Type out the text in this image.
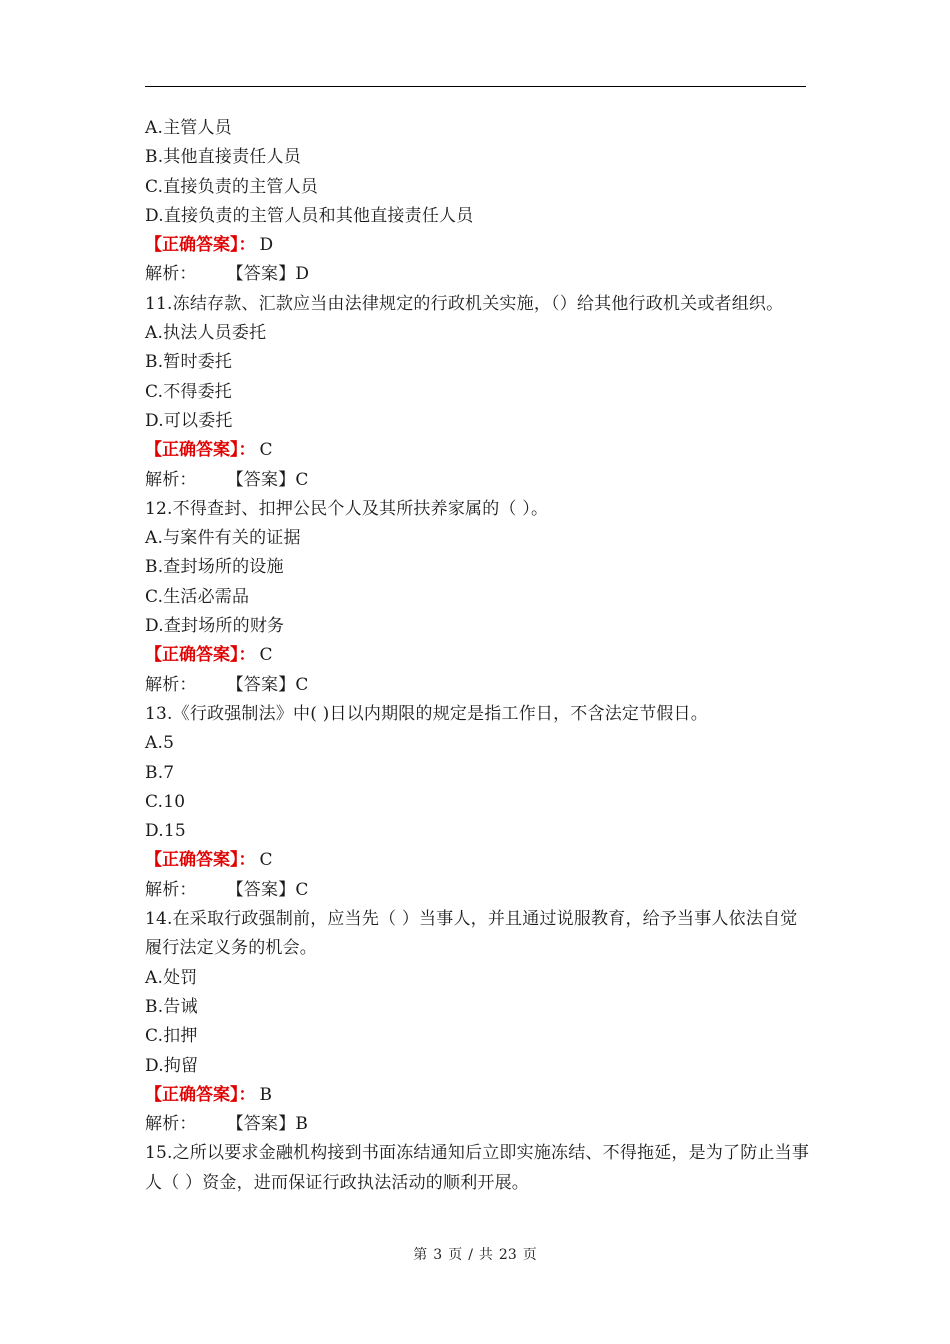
A.主管人员
B.其他直接责任人员
C.直接负责的主管人员
D.直接负责的主管人员和其他直接责任人员
【正确答案】： D
解析： 【答案】D
11.冻结存款、汇款应当由法律规定的行政机关实施，（）给其他行政机关或者组织。
A.执法人员委托
B.暂时委托
C.不得委托
D.可以委托
【正确答案】： C
解析： 【答案】C
12.不得查封、扣押公民个人及其所扶养家属的（ ）。
A.与案件有关的证据
B.查封场所的设施
C.生活必需品
D.查封场所的财务
【正确答案】： C
解析： 【答案】C
13.《行政强制法》中( )日以内期限的规定是指工作日，不含法定节假日。
A.5
B.7
C.10
D.15
【正确答案】： C
解析： 【答案】C
14.在采取行政强制前，应当先（ ）当事人，并且通过说服教育，给予当事人依法自觉履行法定义务的机会。
A.处罚
B.告诫
C.扣押
D.拘留
【正确答案】： B
解析： 【答案】B
15.之所以要求金融机构接到书面冻结通知后立即实施冻结、不得拖延，是为了防止当事人（ ）资金，进而保证行政执法活动的顺利开展。
第 3 页 / 共 23 页
